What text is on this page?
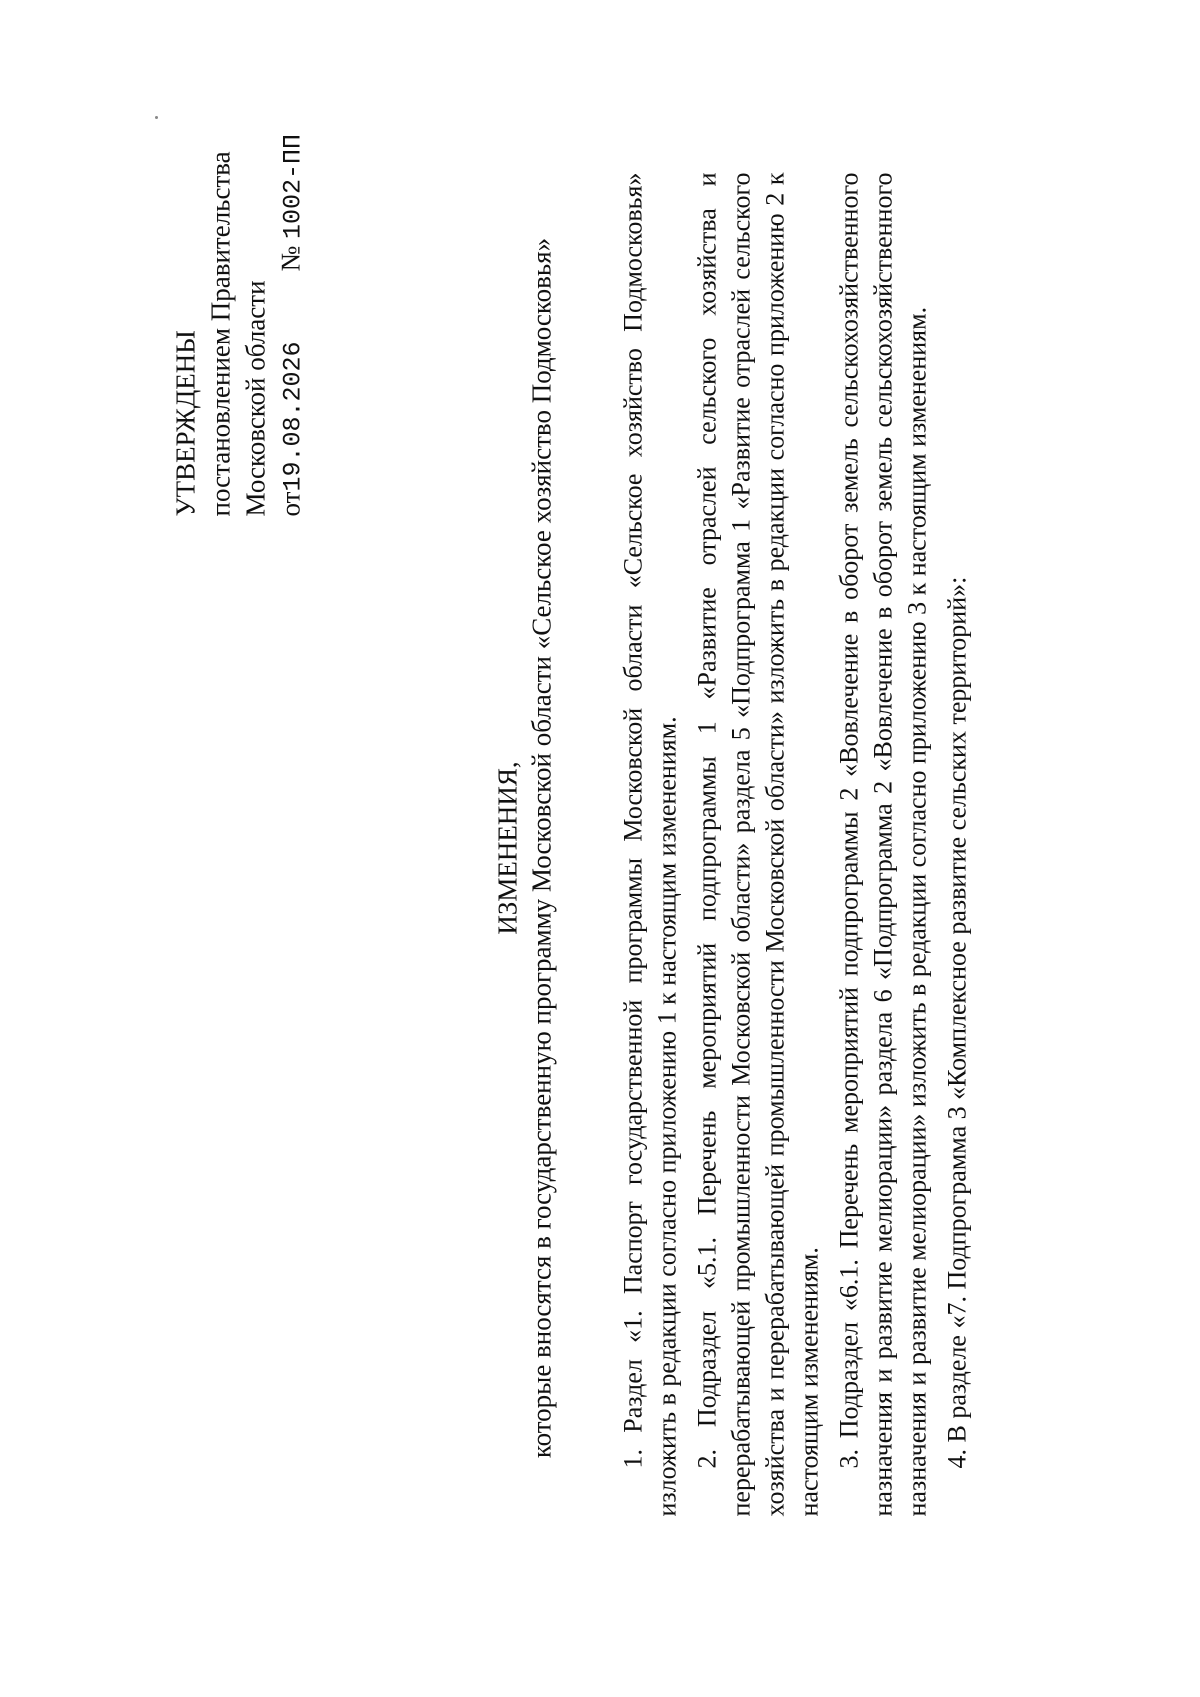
УТВЕРЖДЕНЫ постановлением Правительства Московской области от19.08.2026№ 1002-ПП
ИЗМЕНЕНИЯ, которые вносятся в государственную программу Московской области «Сельское хозяйство Подмосковья» 1. Раздел «1. Паспорт государственной программы Московской области «Сельское хозяйство Подмосковья» изложить в редакции согласно приложению 1 к настоящим изменениям. 2. Подраздел «5.1. Перечень мероприятий подпрограммы 1 «Развитие отраслей сельского хозяйства и перерабатывающей промышленности Московской области» раздела 5 «Подпрограмма 1 «Развитие отраслей сельского хозяйства и перерабатывающей промышленности Московской области» изложить в редакции согласно приложению 2 к настоящим изменениям. 3. Подраздел «6.1. Перечень мероприятий подпрограммы 2 «Вовлечение в оборот земель сельскохозяйственного назначения и развитие мелиорации» раздела 6 «Подпрограмма 2 «Вовлечение в оборот земель сельскохозяйственного назначения и развитие мелиорации» изложить в редакции согласно приложению 3 к настоящим изменениям. 4. В разделе «7. Подпрограмма 3 «Комплексное развитие сельских территорий»:
